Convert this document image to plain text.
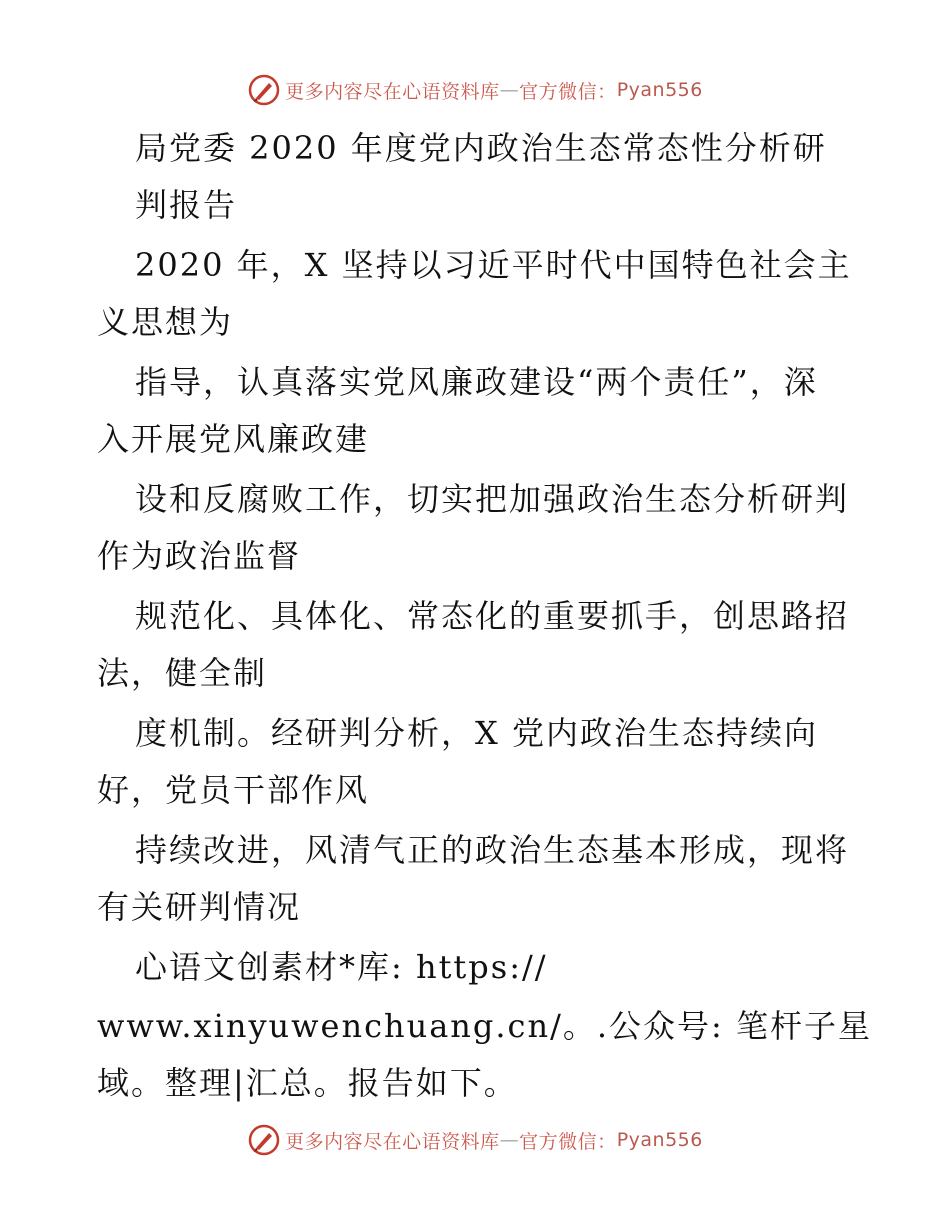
更多内容尽在心语资料库 — 官方微信： Pyan556
局党委 2020 年度党内政治生态常态性分析研
判报告
2020 年，X 坚持以习近平时代中国特色社会主
义思想为
指导，认真落实党风廉政建设“两个责任”，深
入开展党风廉政建
设和反腐败工作，切实把加强政治生态分析研判
作为政治监督
规范化、具体化、常态化的重要抓手，创思路招
法，健全制
度机制。经研判分析，X 党内政治生态持续向
好，党员干部作风
持续改进，风清气正的政治生态基本形成，现将
有关研判情况
心语文创素材*库: https://
www.xinyuwenchuang.cn/。.公众号: 笔杆子星
域。整理|汇总。报告如下。
更多内容尽在心语资料库 — 官方微信： Pyan556
